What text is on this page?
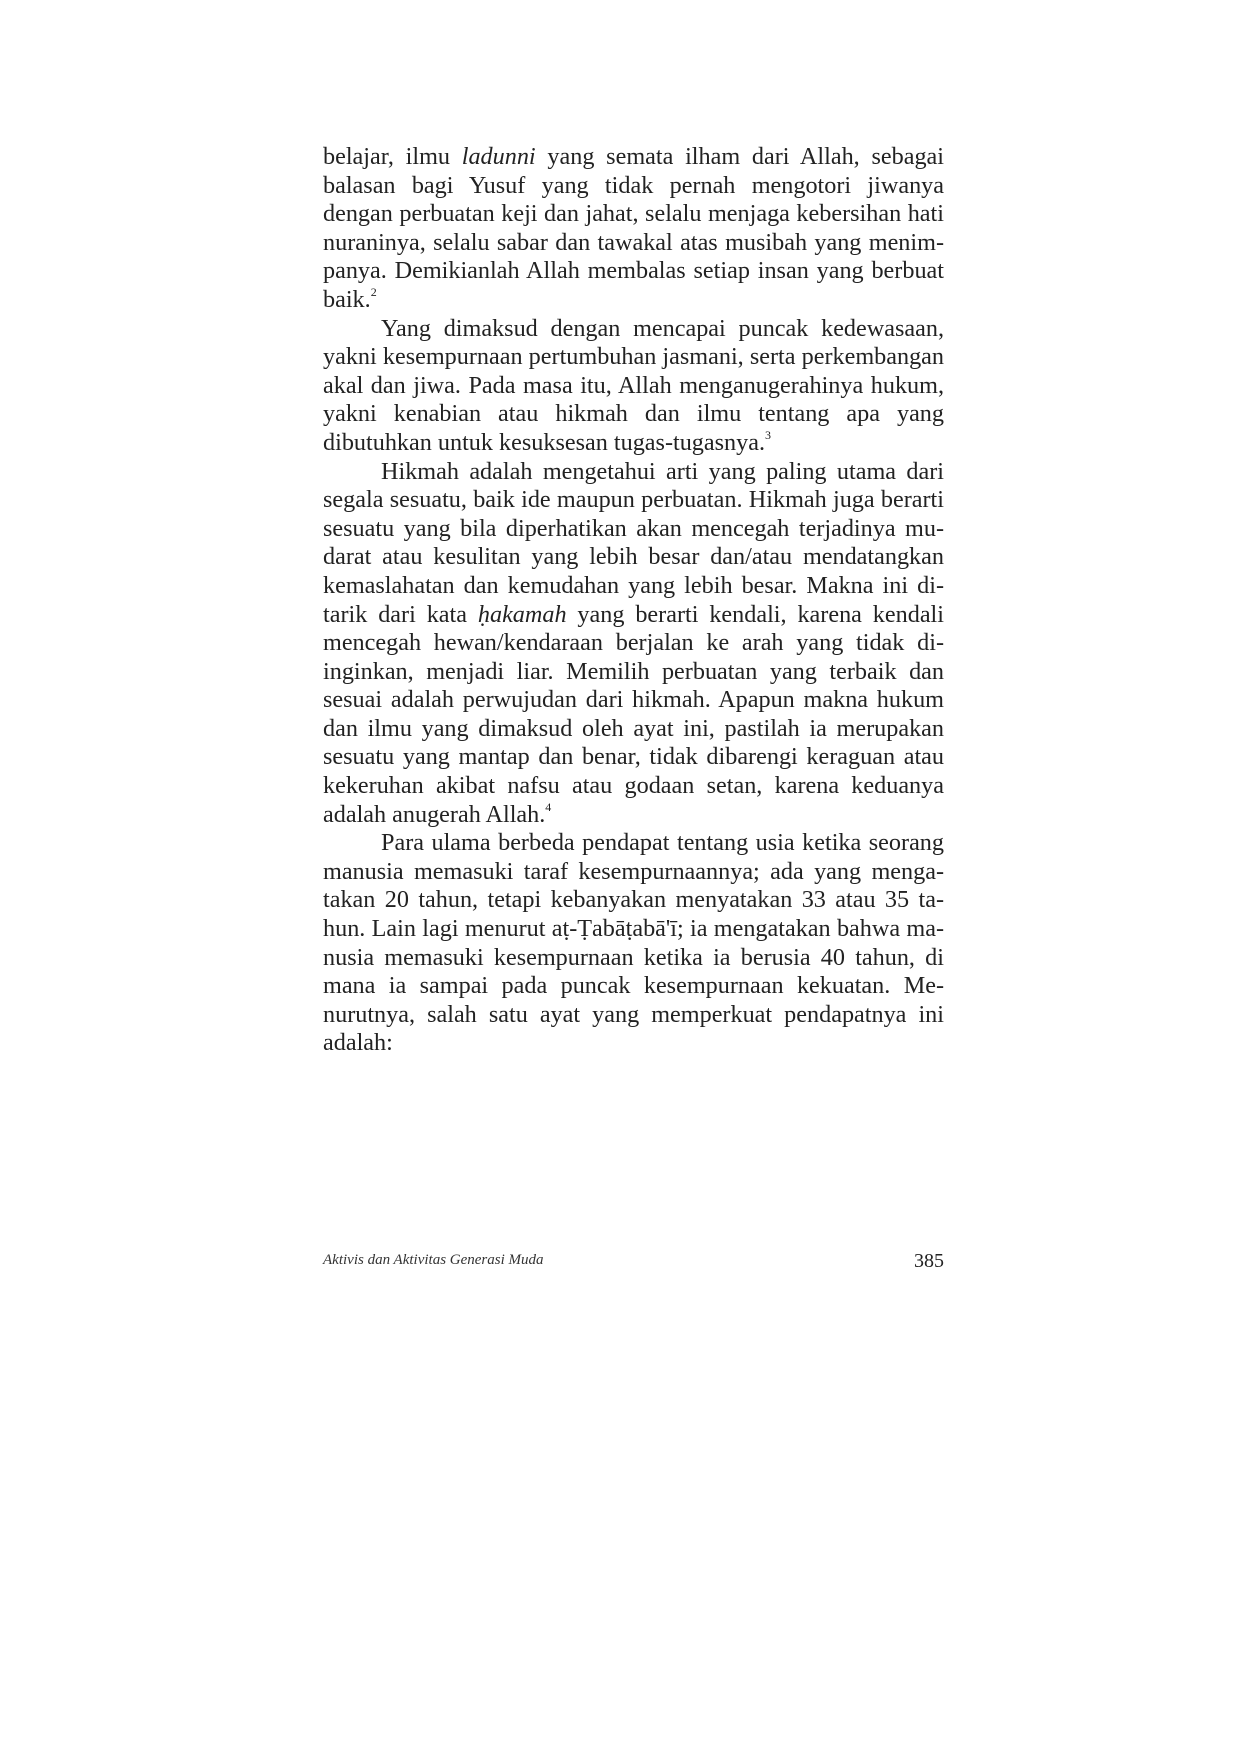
belajar, ilmu ladunni yang semata ilham dari Allah, sebagai balasan bagi Yusuf yang tidak pernah mengotori jiwanya dengan perbuatan keji dan jahat, selalu menjaga kebersihan hati nuraninya, selalu sabar dan tawakal atas musibah yang menimpanya. Demikianlah Allah membalas setiap insan yang berbuat baik.$^2$

Yang dimaksud dengan mencapai puncak kedewasaan, yakni kesempurnaan pertumbuhan jasmani, serta perkembangan akal dan jiwa. Pada masa itu, Allah menganugerahinya hukum, yakni kenabian atau hikmah dan ilmu tentang apa yang dibutuhkan untuk kesuksesan tugas-tugasnya.$^3$

Hikmah adalah mengetahui arti yang paling utama dari segala sesuatu, baik ide maupun perbuatan. Hikmah juga berarti sesuatu yang bila diperhatikan akan mencegah terjadinya mudarat atau kesulitan yang lebih besar dan/atau mendatangkan kemaslahatan dan kemudahan yang lebih besar. Makna ini ditarik dari kata ḥakamah yang berarti kendali, karena kendali mencegah hewan/kendaraan berjalan ke arah yang tidak diinginkan, menjadi liar. Memilih perbuatan yang terbaik dan sesuai adalah perwujudan dari hikmah. Apapun makna hukum dan ilmu yang dimaksud oleh ayat ini, pastilah ia merupakan sesuatu yang mantap dan benar, tidak dibarengi keraguan atau kekeruhan akibat nafsu atau godaan setan, karena keduanya adalah anugerah Allah.$^4$

Para ulama berbeda pendapat tentang usia ketika seorang manusia memasuki taraf kesempurnaannya; ada yang mengatakan 20 tahun, tetapi kebanyakan menyatakan 33 atau 35 tahun. Lain lagi menurut aṭ-Ṭabāṭabā'ī; ia mengatakan bahwa manusia memasuki kesempurnaan ketika ia berusia 40 tahun, di mana ia sampai pada puncak kesempurnaan kekuatan. Menurutnya, salah satu ayat yang memperkuat pendapatnya ini adalah:

Aktivis dan Aktivitas Generasi Muda	385
